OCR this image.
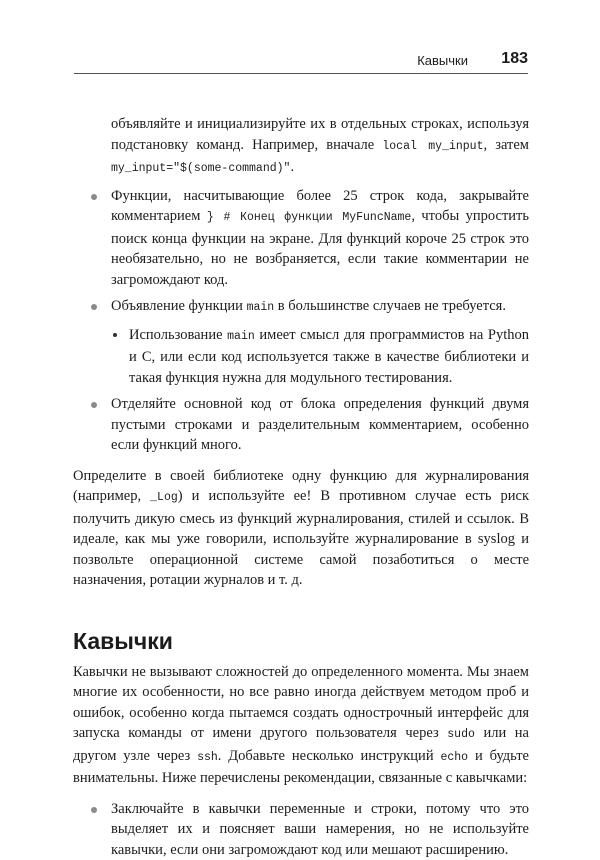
Кавычки 183

объявляйте и инициализируйте их в отдельных строках, используя подстановку команд. Например, вначале local my_input, затем my_input="$(some-command)".

Функции, насчитывающие более 25 строк кода, закрывайте комментарием } # Конец функции MyFuncName, чтобы упростить поиск конца функции на экране. Для функций короче 25 строк это необязательно, но не возбраняется, если такие комментарии не загромождают код.
Объявление функции main в большинстве случаев не требуется.
Использование main имеет смысл для программистов на Python и C, или если код используется также в качестве библиотеки и такая функция нужна для модульного тестирования.
Отделяйте основной код от блока определения функций двумя пустыми строками и разделительным комментарием, особенно если функций много.

Определите в своей библиотеке одну функцию для журналирования (например, _Log) и используйте ее! В противном случае есть риск получить дикую смесь из функций журналирования, стилей и ссылок. В идеале, как мы уже говорили, используйте журналирование в syslog и позвольте операционной системе самой позаботиться о месте назначения, ротации журналов и т. д.

Кавычки

Кавычки не вызывают сложностей до определенного момента. Мы знаем многие их особенности, но все равно иногда действуем методом проб и ошибок, особенно когда пытаемся создать однострочный интерфейс для запуска команды от имени другого пользователя через sudo или на другом узле через ssh. Добавьте несколько инструкций echo и будьте внимательны. Ниже перечислены рекомендации, связанные с кавычками:

Заключайте в кавычки переменные и строки, потому что это выделяет их и поясняет ваши намерения, но не используйте кавычки, если они загромождают код или мешают расширению.
